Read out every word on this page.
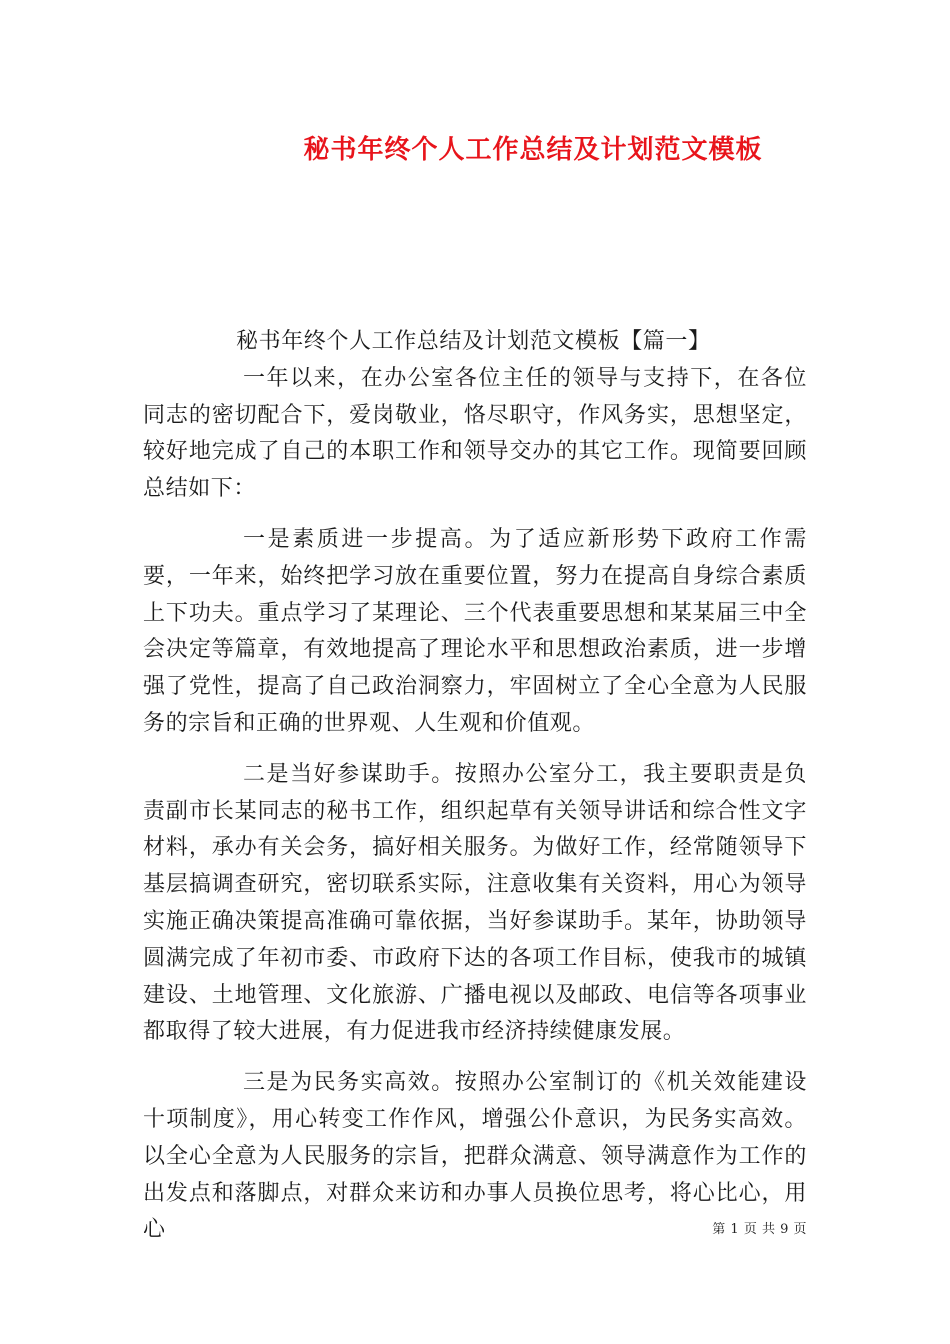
秘书年终个人工作总结及计划范文模板

秘书年终个人工作总结及计划范文模板【篇一】

一年以来，在办公室各位主任的领导与支持下，在各位同志的密切配合下，爱岗敬业，恪尽职守，作风务实，思想坚定，较好地完成了自己的本职工作和领导交办的其它工作。现简要回顾总结如下：

一是素质进一步提高。为了适应新形势下政府工作需要，一年来，始终把学习放在重要位置，努力在提高自身综合素质上下功夫。重点学习了某理论、三个代表重要思想和某某届三中全会决定等篇章，有效地提高了理论水平和思想政治素质，进一步增强了党性，提高了自己政治洞察力，牢固树立了全心全意为人民服务的宗旨和正确的世界观、人生观和价值观。

二是当好参谋助手。按照办公室分工，我主要职责是负责副市长某同志的秘书工作，组织起草有关领导讲话和综合性文字材料，承办有关会务，搞好相关服务。为做好工作，经常随领导下基层搞调查研究，密切联系实际，注意收集有关资料，用心为领导实施正确决策提高准确可靠依据，当好参谋助手。某年，协助领导圆满完成了年初市委、市政府下达的各项工作目标，使我市的城镇建设、土地管理、文化旅游、广播电视以及邮政、电信等各项事业都取得了较大进展，有力促进我市经济持续健康发展。

三是为民务实高效。按照办公室制订的《机关效能建设十项制度》，用心转变工作作风，增强公仆意识，为民务实高效。以全心全意为人民服务的宗旨，把群众满意、领导满意作为工作的出发点和落脚点，对群众来访和办事人员换位思考，将心比心，用心	第 1 页 共 9 页
